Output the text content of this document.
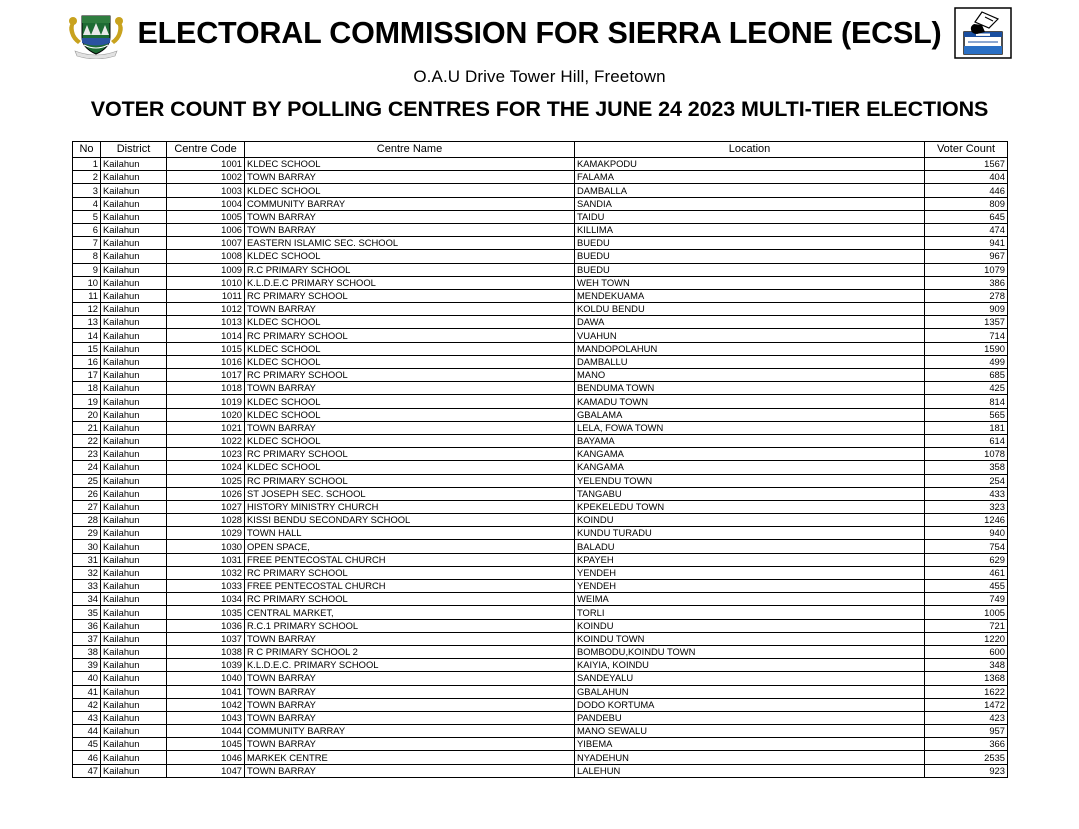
ELECTORAL COMMISSION FOR SIERRA LEONE (ECSL)
O.A.U Drive Tower Hill, Freetown
VOTER COUNT BY POLLING CENTRES FOR THE JUNE 24 2023 MULTI-TIER ELECTIONS
No	District	Centre Code	Centre Name	Location	Voter Count
1	Kailahun	1001	KLDEC SCHOOL	KAMAKPODU	1567
2	Kailahun	1002	TOWN BARRAY	FALAMA	404
3	Kailahun	1003	KLDEC SCHOOL	DAMBALLA	446
4	Kailahun	1004	COMMUNITY BARRAY	SANDIA	809
5	Kailahun	1005	TOWN BARRAY	TAIDU	645
6	Kailahun	1006	TOWN BARRAY	KILLIMA	474
7	Kailahun	1007	EASTERN ISLAMIC SEC. SCHOOL	BUEDU	941
8	Kailahun	1008	KLDEC SCHOOL	BUEDU	967
9	Kailahun	1009	R.C PRIMARY SCHOOL	BUEDU	1079
10	Kailahun	1010	K.L.D.E.C PRIMARY SCHOOL	WEH TOWN	386
11	Kailahun	1011	RC PRIMARY SCHOOL	MENDEKUAMA	278
12	Kailahun	1012	TOWN BARRAY	KOLDU BENDU	909
13	Kailahun	1013	KLDEC SCHOOL	DAWA	1357
14	Kailahun	1014	RC PRIMARY SCHOOL	VUAHUN	714
15	Kailahun	1015	KLDEC SCHOOL	MANDOPOLAHUN	1590
16	Kailahun	1016	KLDEC SCHOOL	DAMBALLU	499
17	Kailahun	1017	RC PRIMARY SCHOOL	MANO	685
18	Kailahun	1018	TOWN BARRAY	BENDUMA TOWN	425
19	Kailahun	1019	KLDEC SCHOOL	KAMADU TOWN	814
20	Kailahun	1020	KLDEC SCHOOL	GBALAMA	565
21	Kailahun	1021	TOWN BARRAY	LELA, FOWA TOWN	181
22	Kailahun	1022	KLDEC SCHOOL	BAYAMA	614
23	Kailahun	1023	RC PRIMARY SCHOOL	KANGAMA	1078
24	Kailahun	1024	KLDEC SCHOOL	KANGAMA	358
25	Kailahun	1025	RC PRIMARY SCHOOL	YELENDU TOWN	254
26	Kailahun	1026	ST JOSEPH SEC. SCHOOL	TANGABU	433
27	Kailahun	1027	HISTORY MINISTRY CHURCH	KPEKELEDU TOWN	323
28	Kailahun	1028	KISSI BENDU SECONDARY SCHOOL	KOINDU	1246
29	Kailahun	1029	TOWN HALL	KUNDU TURADU	940
30	Kailahun	1030	OPEN SPACE,	BALADU	754
31	Kailahun	1031	FREE PENTECOSTAL CHURCH	KPAYEH	629
32	Kailahun	1032	RC PRIMARY SCHOOL	YENDEH	461
33	Kailahun	1033	FREE PENTECOSTAL CHURCH	YENDEH	455
34	Kailahun	1034	RC PRIMARY SCHOOL	WEIMA	749
35	Kailahun	1035	CENTRAL MARKET,	TORLI	1005
36	Kailahun	1036	R.C.1 PRIMARY SCHOOL	KOINDU	721
37	Kailahun	1037	TOWN BARRAY	KOINDU TOWN	1220
38	Kailahun	1038	R C PRIMARY SCHOOL 2	BOMBODU,KOINDU TOWN	600
39	Kailahun	1039	K.L.D.E.C. PRIMARY SCHOOL	KAIYIA, KOINDU	348
40	Kailahun	1040	TOWN BARRAY	SANDEYALU	1368
41	Kailahun	1041	TOWN BARRAY	GBALAHUN	1622
42	Kailahun	1042	TOWN BARRAY	DODO KORTUMA	1472
43	Kailahun	1043	TOWN BARRAY	PANDEBU	423
44	Kailahun	1044	COMMUNITY BARRAY	MANO SEWALU	957
45	Kailahun	1045	TOWN BARRAY	YIBEMA	366
46	Kailahun	1046	MARKEK CENTRE	NYADEHUN	2535
47	Kailahun	1047	TOWN BARRAY	LALEHUN	923
